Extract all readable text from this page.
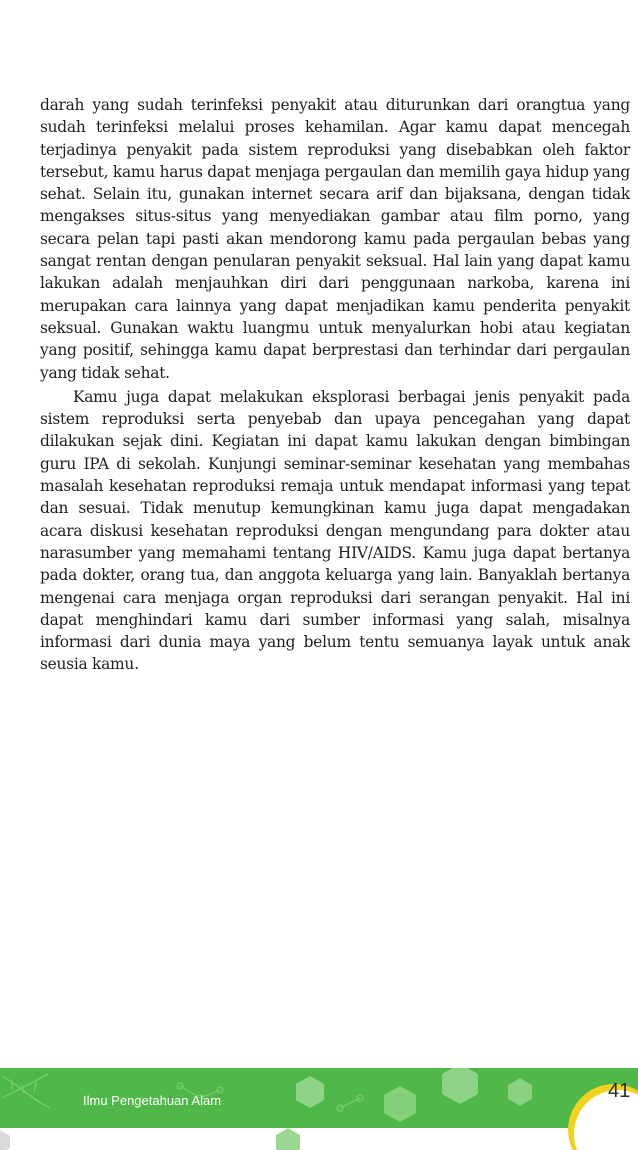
darah yang sudah terinfeksi penyakit atau diturunkan dari orangtua yang sudah terinfeksi melalui proses kehamilan. Agar kamu dapat mencegah terjadinya penyakit pada sistem reproduksi yang disebabkan oleh faktor tersebut, kamu harus dapat menjaga pergaulan dan memilih gaya hidup yang sehat. Selain itu, gunakan internet secara arif dan bijaksana, dengan tidak mengakses situs-situs yang menyediakan gambar atau film porno, yang secara pelan tapi pasti akan mendorong kamu pada pergaulan bebas yang sangat rentan dengan penularan penyakit seksual. Hal lain yang dapat kamu lakukan adalah menjauhkan diri dari penggunaan narkoba, karena ini merupakan cara lainnya yang dapat menjadikan kamu penderita penyakit seksual. Gunakan waktu luangmu untuk menyalurkan hobi atau kegiatan yang positif, sehingga kamu dapat berprestasi dan terhindar dari pergaulan yang tidak sehat.

Kamu juga dapat melakukan eksplorasi berbagai jenis penyakit pada sistem reproduksi serta penyebab dan upaya pencegahan yang dapat dilakukan sejak dini. Kegiatan ini dapat kamu lakukan dengan bimbingan guru IPA di sekolah. Kunjungi seminar-seminar kesehatan yang membahas masalah kesehatan reproduksi remaja untuk mendapat informasi yang tepat dan sesuai. Tidak menutup kemungkinan kamu juga dapat mengadakan acara diskusi kesehatan reproduksi dengan mengundang para dokter atau narasumber yang memahami tentang HIV/AIDS. Kamu juga dapat bertanya pada dokter, orang tua, dan anggota keluarga yang lain. Banyaklah bertanya mengenai cara menjaga organ reproduksi dari serangan penyakit. Hal ini dapat menghindari kamu dari sumber informasi yang salah, misalnya informasi dari dunia maya yang belum tentu semuanya layak untuk anak seusia kamu.

Ilmu Pengetahuan Alam	41
